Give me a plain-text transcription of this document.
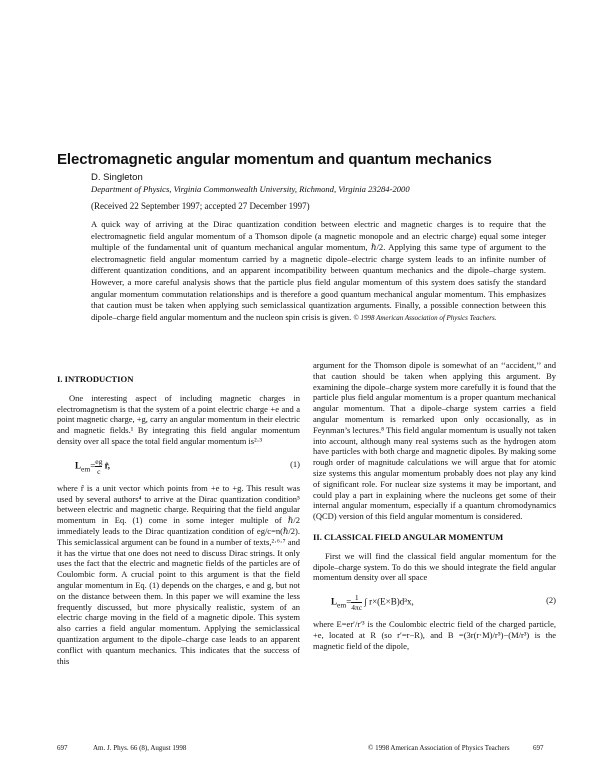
Electromagnetic angular momentum and quantum mechanics
D. Singleton
Department of Physics, Virginia Commonwealth University, Richmond, Virginia 23284-2000
(Received 22 September 1997; accepted 27 December 1997)
A quick way of arriving at the Dirac quantization condition between electric and magnetic charges is to require that the electromagnetic field angular momentum of a Thomson dipole (a magnetic monopole and an electric charge) equal some integer multiple of the fundamental unit of quantum mechanical angular momentum, ℏ/2. Applying this same type of argument to the electromagnetic field angular momentum carried by a magnetic dipole–electric charge system leads to an infinite number of different quantization conditions, and an apparent incompatibility between quantum mechanics and the dipole–charge system. However, a more careful analysis shows that the particle plus field angular momentum of this system does satisfy the standard angular momentum commutation relationships and is therefore a good quantum mechanical angular momentum. This emphasizes that caution must be taken when applying such semiclassical quantization arguments. Finally, a possible connection between this dipole–charge field angular momentum and the nucleon spin crisis is given. © 1998 American Association of Physics Teachers.
I. INTRODUCTION

One interesting aspect of including magnetic charges in electromagnetism is that the system of a point electric charge +e and a point magnetic charge, +g, carry an angular momentum in their electric and magnetic fields.¹ By integrating this field angular momentum density over all space the total field angular momentum is²·³

$L_{em}= \frac{eg}{c}$ r̂,	(1)

where r̂ is a unit vector which points from +e to +g. This result was used by several authors⁴ to arrive at the Dirac quantization condition⁵ between electric and magnetic charge. Requiring that the field angular momentum in Eq. (1) come in some integer multiple of ℏ/2 immediately leads to the Dirac quantization condition of eg/c=n(ℏ/2). This semiclassical argument can be found in a number of texts,²·⁶·⁷ and it has the virtue that one does not need to discuss Dirac strings. It only uses the fact that the electric and magnetic fields of the particles are of Coulombic form. A crucial point to this argument is that the field angular momentum in Eq. (1) depends on the charges, e and g, but not on the distance between them. In this paper we will examine the less frequently discussed, but more physically realistic, system of an electric charge moving in the field of a magnetic dipole. This system also carries a field angular momentum. Applying the semiclassical quantization argument to the dipole–charge case leads to an apparent conflict with quantum mechanics. This indicates that the success of this

argument for the Thomson dipole is somewhat of an ‘‘accident,’’ and that caution should be taken when applying this argument. By examining the dipole–charge system more carefully it is found that the particle plus field angular momentum is a proper quantum mechanical angular momentum. That a dipole–charge system carries a field angular momentum is remarked upon only occasionally, as in Feynman’s lectures.⁸ This field angular momentum is usually not taken into account, although many real systems such as the hydrogen atom have particles with both charge and magnetic dipoles. By making some rough order of magnitude calculations we will argue that for atomic size systems this angular momentum probably does not play any kind of significant role. For nuclear size systems it may be important, and could play a part in explaining where the nucleons get some of their internal angular momentum, especially if a quantum chromodynamics (QCD) version of this field angular momentum is considered.

II. CLASSICAL FIELD ANGULAR MOMENTUM

First we will find the classical field angular momentum for the dipole–charge system. To do this we should integrate the field angular momentum density over all space

$L_{em}= \frac{1}{4\pi c}$ ∫ r×(E×B)d³x,	(2)

where E=er′/r′³ is the Coulombic electric field of the charged particle, +e, located at R (so r′=r−R), and B =(3r(r·M)/r⁵)−(M/r³) is the magnetic field of the dipole,

697	Am. J. Phys. 66 (8), August 1998	© 1998 American Association of Physics Teachers	697
